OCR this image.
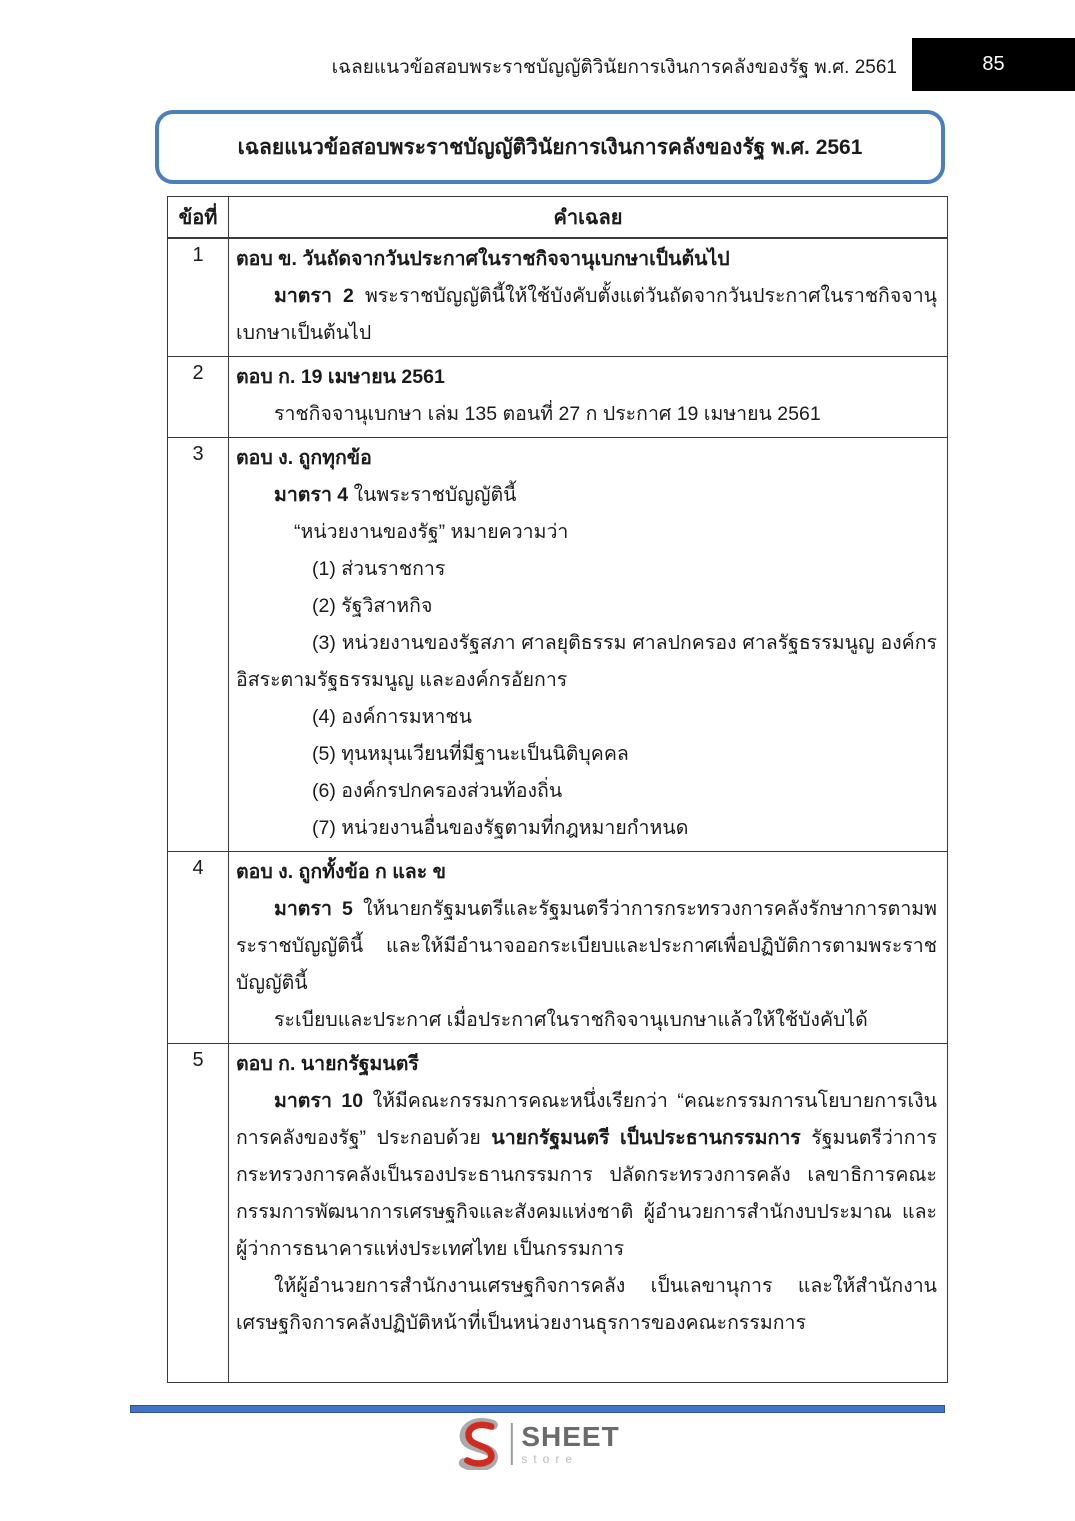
เฉลยแนวข้อสอบพระราชบัญญัติวินัยการเงินการคลังของรัฐ พ.ศ. 2561	85
เฉลยแนวข้อสอบพระราชบัญญัติวินัยการเงินการคลังของรัฐ พ.ศ. 2561
ข้อที่	คำเฉลย
1	ตอบ ข. วันถัดจากวันประกาศในราชกิจจานุเบกษาเป็นต้นไป
มาตรา 2 พระราชบัญญัตินี้ให้ใช้บังคับตั้งแต่วันถัดจากวันประกาศในราชกิจจานุเบกษาเป็นต้นไป

2	ตอบ ก. 19 เมษายน 2561
ราชกิจจานุเบกษา เล่ม 135 ตอนที่ 27 ก ประกาศ 19 เมษายน 2561

3	ตอบ ง. ถูกทุกข้อ
มาตรา 4 ในพระราชบัญญัตินี้
“หน่วยงานของรัฐ” หมายความว่า
(1) ส่วนราชการ
(2) รัฐวิสาหกิจ
(3) หน่วยงานของรัฐสภา ศาลยุติธรรม ศาลปกครอง ศาลรัฐธรรมนูญ องค์กรอิสระตามรัฐธรรมนูญ และองค์กรอัยการ
(4) องค์การมหาชน
(5) ทุนหมุนเวียนที่มีฐานะเป็นนิติบุคคล
(6) องค์กรปกครองส่วนท้องถิ่น
(7) หน่วยงานอื่นของรัฐตามที่กฎหมายกำหนด

4	ตอบ ง. ถูกทั้งข้อ ก และ ข
มาตรา 5 ให้นายกรัฐมนตรีและรัฐมนตรีว่าการกระทรวงการคลังรักษาการตามพระราชบัญญัตินี้ และให้มีอำนาจออกระเบียบและประกาศเพื่อปฏิบัติการตามพระราชบัญญัตินี้
ระเบียบและประกาศ เมื่อประกาศในราชกิจจานุเบกษาแล้วให้ใช้บังคับได้

5	ตอบ ก. นายกรัฐมนตรี
มาตรา 10 ให้มีคณะกรรมการคณะหนึ่งเรียกว่า “คณะกรรมการนโยบายการเงินการคลังของรัฐ” ประกอบด้วย นายกรัฐมนตรี เป็นประธานกรรมการ รัฐมนตรีว่าการกระทรวงการคลังเป็นรองประธานกรรมการ ปลัดกระทรวงการคลัง เลขาธิการคณะกรรมการพัฒนาการเศรษฐกิจและสังคมแห่งชาติ ผู้อำนวยการสำนักงบประมาณ และผู้ว่าการธนาคารแห่งประเทศไทย เป็นกรรมการ
ให้ผู้อำนวยการสำนักงานเศรษฐกิจการคลัง เป็นเลขานุการ และให้สำนักงานเศรษฐกิจการคลังปฏิบัติหน้าที่เป็นหน่วยงานธุรการของคณะกรรมการ
SHEET
store
